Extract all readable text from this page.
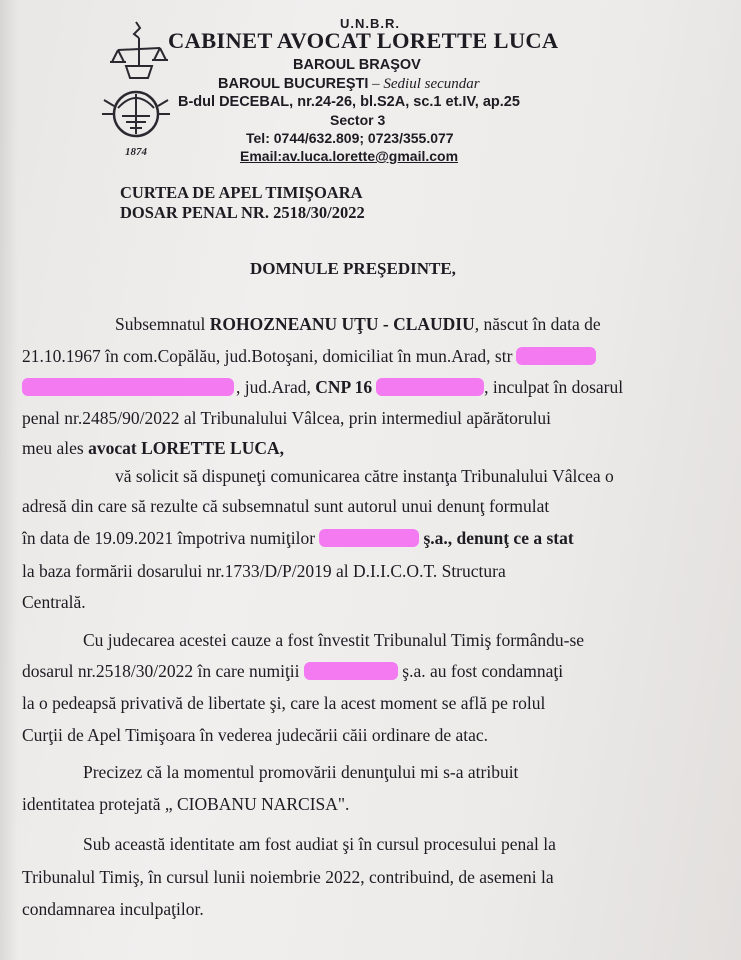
1874
U.N.B.R.
CABINET AVOCAT LORETTE LUCA
BAROUL BRAŞOV
BAROUL BUCUREŞTI – Sediul secundar
B-dul DECEBAL, nr.24-26, bl.S2A, sc.1 et.IV, ap.25
Sector 3
Tel: 0744/632.809; 0723/355.077
Email:av.luca.lorette@gmail.com
CURTEA DE APEL TIMIŞOARA
DOSAR PENAL NR. 2518/30/2022
DOMNULE PREŞEDINTE,
Subsemnatul ROHOZNEANU UŢU - CLAUDIU, născut în data de
21.10.1967 în com.Copălău, jud.Botoşani, domiciliat în mun.Arad, str
, jud.Arad, CNP 16	, inculpat în dosarul
penal nr.2485/90/2022 al Tribunalului Vâlcea, prin intermediul apărătorului
meu ales avocat LORETTE LUCA,
vă solicit să dispuneţi comunicarea către instanţa Tribunalului Vâlcea o
adresă din care să rezulte că subsemnatul sunt autorul unui denunţ formulat
în data de 19.09.2021 împotriva numiţilor	ş.a., denunţ ce a stat
la baza formării dosarului nr.1733/D/P/2019 al D.I.I.C.O.T. Structura
Centrală.
Cu judecarea acestei cauze a fost învestit Tribunalul Timiş formându-se
dosarul nr.2518/30/2022 în care numiţii	ş.a. au fost condamnaţi
la o pedeapsă privativă de libertate şi, care la acest moment se află pe rolul
Curţii de Apel Timişoara în vederea judecării căii ordinare de atac.
Precizez că la momentul promovării denunţului mi s-a atribuit
identitatea protejată „ CIOBANU NARCISA".
Sub această identitate am fost audiat şi în cursul procesului penal la
Tribunalul Timiş, în cursul lunii noiembrie 2022, contribuind, de asemeni la
condamnarea inculpaţilor.
